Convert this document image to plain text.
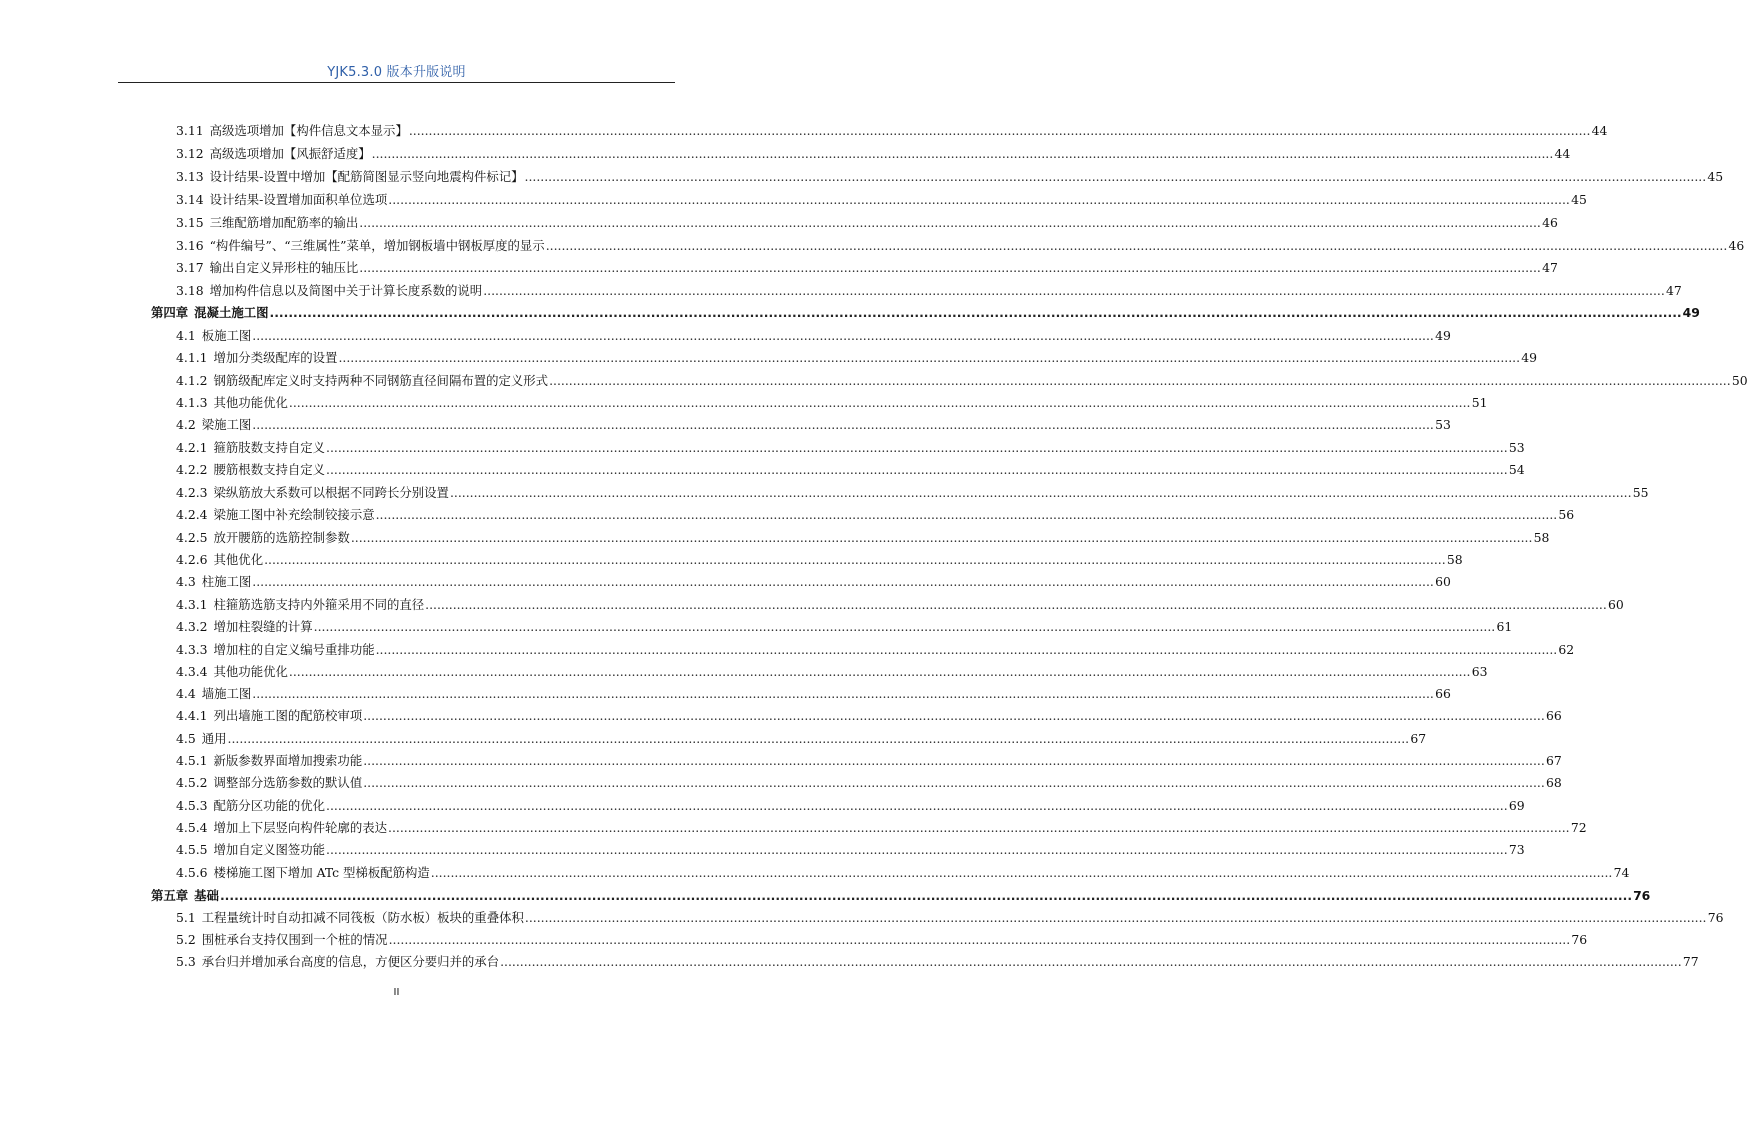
YJK5.3.0 版本升版说明
3.11 高级选项增加【构件信息文本显示】 ............................................................................................................................................................................................................................................................................................................ 44
3.12 高级选项增加【风振舒适度】 ............................................................................................................................................................................................................................................................................................................ 44
3.13 设计结果-设置中增加【配筋简图显示竖向地震构件标记】 ............................................................................................................................................................................................................................................................................................................ 45
3.14 设计结果-设置增加面积单位选项 ............................................................................................................................................................................................................................................................................................................ 45
3.15 三维配筋增加配筋率的输出 ............................................................................................................................................................................................................................................................................................................ 46
3.16 “构件编号”、“三维属性”菜单，增加钢板墙中钢板厚度的显示 ............................................................................................................................................................................................................................................................................................................ 46
3.17 输出自定义异形柱的轴压比 ............................................................................................................................................................................................................................................................................................................ 47
3.18 增加构件信息以及简图中关于计算长度系数的说明 ............................................................................................................................................................................................................................................................................................................ 47
第四章 混凝土施工图 ............................................................................................................................................................................................................................................................................................................ 49
4.1 板施工图 ............................................................................................................................................................................................................................................................................................................ 49
4.1.1 增加分类级配库的设置 ............................................................................................................................................................................................................................................................................................................ 49
4.1.2 钢筋级配库定义时支持两种不同钢筋直径间隔布置的定义形式 ............................................................................................................................................................................................................................................................................................................ 50
4.1.3 其他功能优化 ............................................................................................................................................................................................................................................................................................................ 51
4.2 梁施工图 ............................................................................................................................................................................................................................................................................................................ 53
4.2.1 箍筋肢数支持自定义 ............................................................................................................................................................................................................................................................................................................ 53
4.2.2 腰筋根数支持自定义 ............................................................................................................................................................................................................................................................................................................ 54
4.2.3 梁纵筋放大系数可以根据不同跨长分别设置 ............................................................................................................................................................................................................................................................................................................ 55
4.2.4 梁施工图中补充绘制铰接示意 ............................................................................................................................................................................................................................................................................................................ 56
4.2.5 放开腰筋的选筋控制参数 ............................................................................................................................................................................................................................................................................................................ 58
4.2.6 其他优化 ............................................................................................................................................................................................................................................................................................................ 58
4.3 柱施工图 ............................................................................................................................................................................................................................................................................................................ 60
4.3.1 柱箍筋选筋支持内外箍采用不同的直径 ............................................................................................................................................................................................................................................................................................................ 60
4.3.2 增加柱裂缝的计算 ............................................................................................................................................................................................................................................................................................................ 61
4.3.3 增加柱的自定义编号重排功能 ............................................................................................................................................................................................................................................................................................................ 62
4.3.4 其他功能优化 ............................................................................................................................................................................................................................................................................................................ 63
4.4 墙施工图 ............................................................................................................................................................................................................................................................................................................ 66
4.4.1 列出墙施工图的配筋校审项 ............................................................................................................................................................................................................................................................................................................ 66
4.5 通用 ............................................................................................................................................................................................................................................................................................................ 67
4.5.1 新版参数界面增加搜索功能 ............................................................................................................................................................................................................................................................................................................ 67
4.5.2 调整部分选筋参数的默认值 ............................................................................................................................................................................................................................................................................................................ 68
4.5.3 配筋分区功能的优化 ............................................................................................................................................................................................................................................................................................................ 69
4.5.4 增加上下层竖向构件轮廓的表达 ............................................................................................................................................................................................................................................................................................................ 72
4.5.5 增加自定义图签功能 ............................................................................................................................................................................................................................................................................................................ 73
4.5.6 楼梯施工图下增加 ATc 型梯板配筋构造 ............................................................................................................................................................................................................................................................................................................ 74
第五章 基础 ............................................................................................................................................................................................................................................................................................................ 76
5.1 工程量统计时自动扣减不同筏板（防水板）板块的重叠体积 ............................................................................................................................................................................................................................................................................................................ 76
5.2 围桩承台支持仅围到一个桩的情况 ............................................................................................................................................................................................................................................................................................................ 76
5.3 承台归并增加承台高度的信息，方便区分要归并的承台 ............................................................................................................................................................................................................................................................................................................ 77
II
